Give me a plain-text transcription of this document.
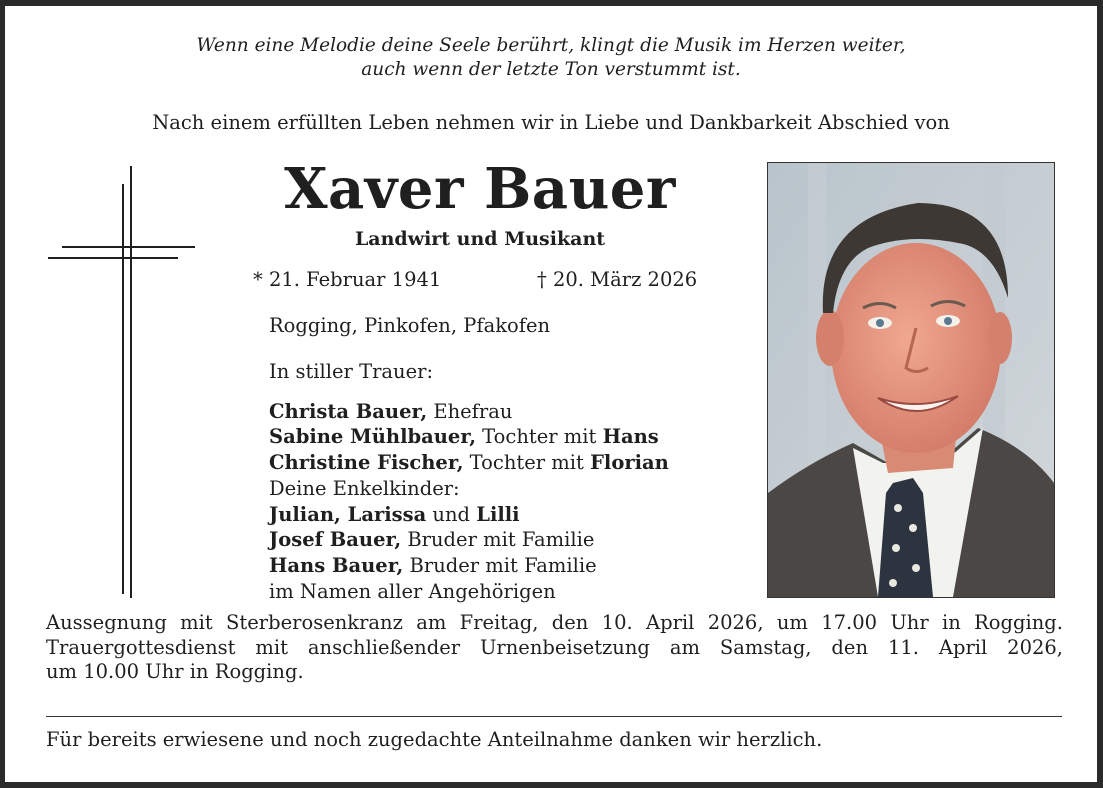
Wenn eine Melodie deine Seele berührt, klingt die Musik im Herzen weiter,
auch wenn der letzte Ton verstummt ist.
Nach einem erfüllten Leben nehmen wir in Liebe und Dankbarkeit Abschied von
Xaver Bauer
Landwirt und Musikant
* 21. Februar 1941	† 20. März 2026
Rogging, Pinkofen, Pfakofen
In stiller Trauer:
Christa Bauer, Ehefrau
Sabine Mühlbauer, Tochter mit Hans
Christine Fischer, Tochter mit Florian
Deine Enkelkinder:
Julian, Larissa und Lilli
Josef Bauer, Bruder mit Familie
Hans Bauer, Bruder mit Familie
im Namen aller Angehörigen
Aussegnung mit Sterberosenkranz am Freitag, den 10. April 2026, um 17.00 Uhr in Rogging.
Trauergottesdienst mit anschließender Urnenbeisetzung am Samstag, den 11. April 2026,
um 10.00 Uhr in Rogging.
Für bereits erwiesene und noch zugedachte Anteilnahme danken wir herzlich.
